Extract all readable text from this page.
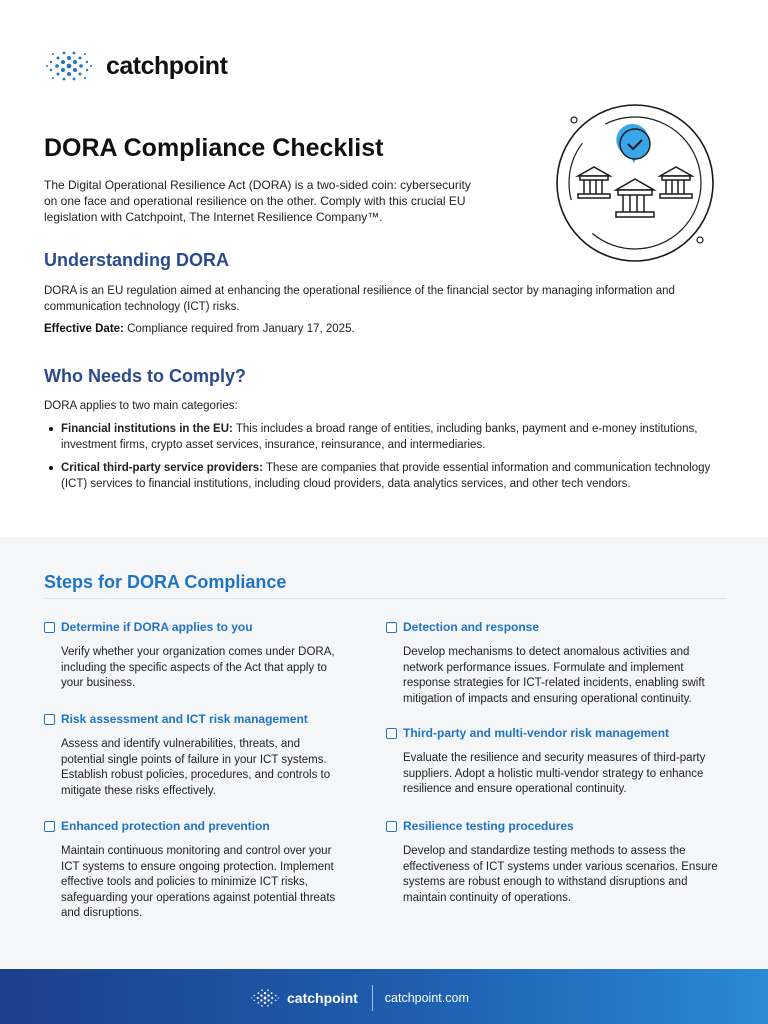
catchpoint
DORA Compliance Checklist

The Digital Operational Resilience Act (DORA) is a two-sided coin: cybersecurity on one face and operational resilience on the other. Comply with this crucial EU legislation with Catchpoint, The Internet Resilience Company™.

Understanding DORA

DORA is an EU regulation aimed at enhancing the operational resilience of the financial sector by managing information and communication technology (ICT) risks.

Effective Date: Compliance required from January 17, 2025.

Who Needs to Comply?

DORA applies to two main categories:

Financial institutions in the EU: This includes a broad range of entities, including banks, payment and e-money institutions, investment firms, crypto asset services, insurance, reinsurance, and intermediaries.
Critical third-party service providers: These are companies that provide essential information and communication technology (ICT) services to financial institutions, including cloud providers, data analytics services, and other tech vendors.
Steps for DORA Compliance
Determine if DORA applies to you
Verify whether your organization comes under DORA, including the specific aspects of the Act that apply to your business.
Risk assessment and ICT risk management
Assess and identify vulnerabilities, threats, and potential single points of failure in your ICT systems. Establish robust policies, procedures, and controls to mitigate these risks effectively.
Enhanced protection and prevention
Maintain continuous monitoring and control over your ICT systems to ensure ongoing protection. Implement effective tools and policies to minimize ICT risks, safeguarding your operations against potential threats and disruptions.
Detection and response
Develop mechanisms to detect anomalous activities and network performance issues. Formulate and implement response strategies for ICT-related incidents, enabling swift mitigation of impacts and ensuring operational continuity.
Third-party and multi-vendor risk management
Evaluate the resilience and security measures of third-party suppliers. Adopt a holistic multi-vendor strategy to enhance resilience and ensure operational continuity.
Resilience testing procedures
Develop and standardize testing methods to assess the effectiveness of ICT systems under various scenarios. Ensure systems are robust enough to withstand disruptions and maintain continuity of operations.
catchpoint catchpoint.com
